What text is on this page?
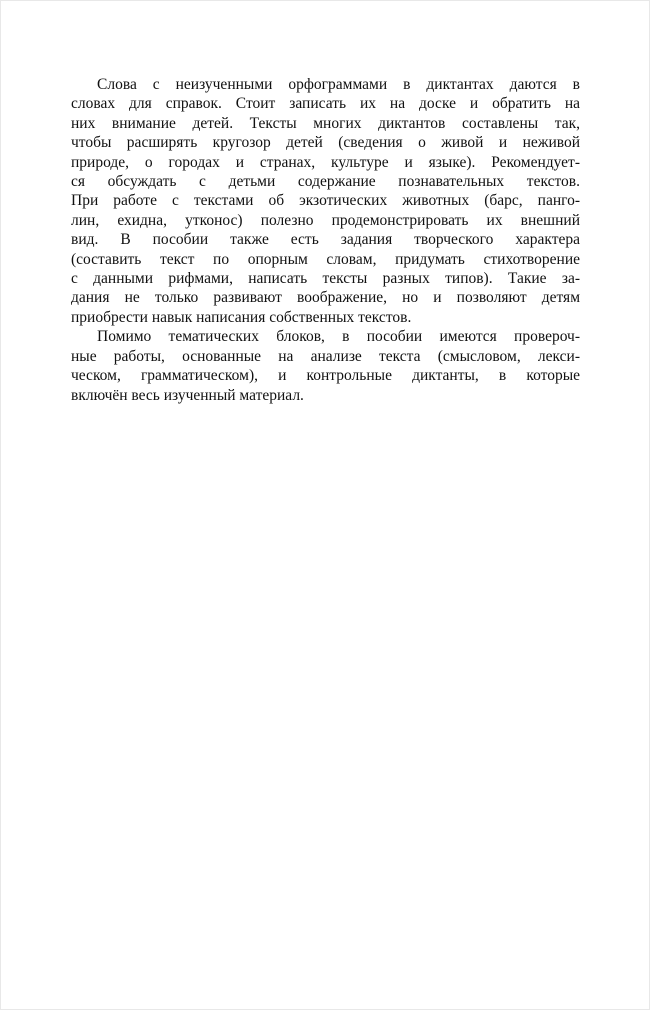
Слова с неизученными орфограммами в диктантах даются в
словах для справок. Стоит записать их на доске и обратить на
них внимание детей. Тексты многих диктантов составлены так,
чтобы расширять кругозор детей (сведения о живой и неживой
природе, о городах и странах, культуре и языке). Рекомендует-
ся обсуждать с детьми содержание познавательных текстов.
При работе с текстами об экзотических животных (барс, панго-
лин, ехидна, утконос) полезно продемонстрировать их внешний
вид. В пособии также есть задания творческого характера
(составить текст по опорным словам, придумать стихотворение
с данными рифмами, написать тексты разных типов). Такие за-
дания не только развивают воображение, но и позволяют детям
приобрести навык написания собственных текстов.

Помимо тематических блоков, в пособии имеются провероч-
ные работы, основанные на анализе текста (смысловом, лекси-
ческом, грамматическом), и контрольные диктанты, в которые
включён весь изученный материал.
